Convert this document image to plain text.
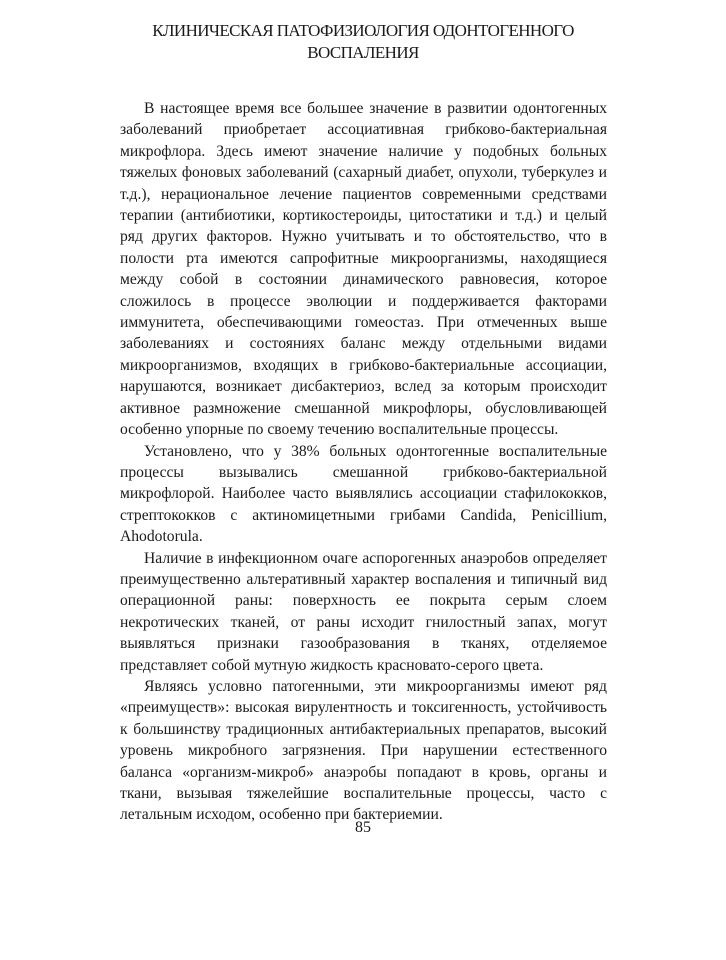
КЛИНИЧЕСКАЯ ПАТОФИЗИОЛОГИЯ ОДОНТОГЕННОГО
ВОСПАЛЕНИЯ

В настоящее время все большее значение в развитии одонтогенных заболеваний приобретает ассоциативная грибково-бактериальная микрофлора. Здесь имеют значение наличие у подобных больных тяжелых фоновых заболеваний (сахарный диабет, опухоли, туберкулез и т.д.), нерациональное лечение пациентов современными средствами терапии (антибиотики, кортикостероиды, цитостатики и т.д.) и целый ряд других факторов. Нужно учитывать и то обстоятельство, что в полости рта имеются сапрофитные микроорганизмы, находящиеся между собой в состоянии динамического равновесия, которое сложилось в процессе эволюции и поддерживается факторами иммунитета, обеспечивающими гомеостаз. При отмеченных выше заболеваниях и состояниях баланс между отдельными видами микроорганизмов, входящих в грибково-бактериальные ассоциации, нарушаются, возникает дисбактериоз, вслед за которым происходит активное размножение смешанной микрофлоры, обусловливающей особенно упорные по своему течению воспалительные процессы.

Установлено, что у 38% больных одонтогенные воспалительные процессы вызывались смешанной грибково-бактериальной микрофлорой. Наиболее часто выявлялись ассоциации стафилококков, стрептококков с актиномицетными грибами Candida, Penicillium, Ahodotorula.

Наличие в инфекционном очаге аспорогенных анаэробов определяет преимущественно альтеративный характер воспаления и типичный вид операционной раны: поверхность ее покрыта серым слоем некротических тканей, от раны исходит гнилостный запах, могут выявляться признаки газообразования в тканях, отделяемое представляет собой мутную жидкость красновато-серого цвета.

Являясь условно патогенными, эти микроорганизмы имеют ряд «преимуществ»: высокая вирулентность и токсигенность, устойчивость к большинству традиционных антибактериальных препаратов, высокий уровень микробного загрязнения. При нарушении естественного баланса «организм-микроб» анаэробы попадают в кровь, органы и ткани, вызывая тяжелейшие воспалительные процессы, часто с летальным исходом, особенно при бактериемии.

85
